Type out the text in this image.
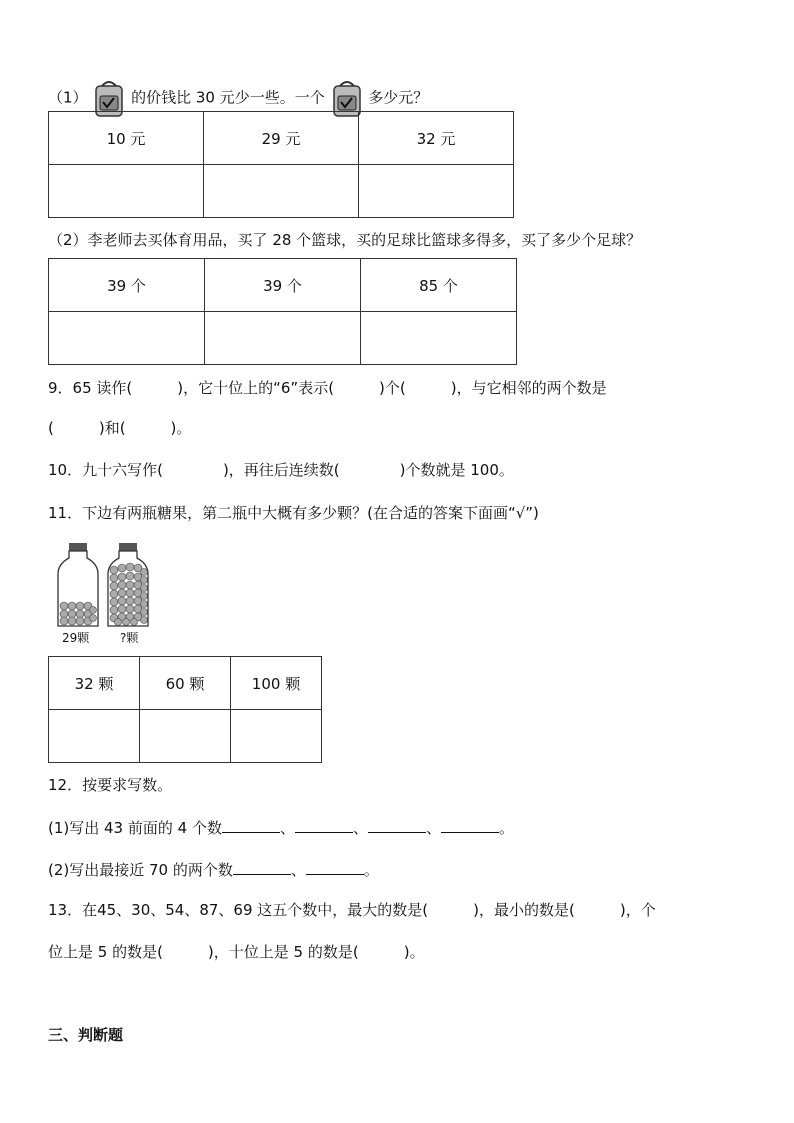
（1）	的价钱比 30 元少一些。一个	多少元？
10 元	29 元	32 元

（2）李老师去买体育用品，买了 28 个篮球，买的足球比篮球多得多，买了多少个足球？
39 个	39 个	85 个

9．65 读作(　　　)，它十位上的“6”表示(　　　)个(　　　)，与它相邻的两个数是
(　　　)和(　　　)。
10．九十六写作(　　　　)，再往后连续数(　　　　)个数就是 100。
11．下边有两瓶糖果，第二瓶中大概有多少颗？(在合适的答案下面画“√”)
29颗	?颗
32 颗	60 颗	100 颗

12．按要求写数。
(1)写出 43 前面的 4 个数	、	、	、	。
(2)写出最接近 70 的两个数	、	。
13．在45、30、54、87、69 这五个数中，最大的数是(　　　)，最小的数是(　　　)，个
位上是 5 的数是(　　　)，十位上是 5 的数是(　　　)。
三、判断题
